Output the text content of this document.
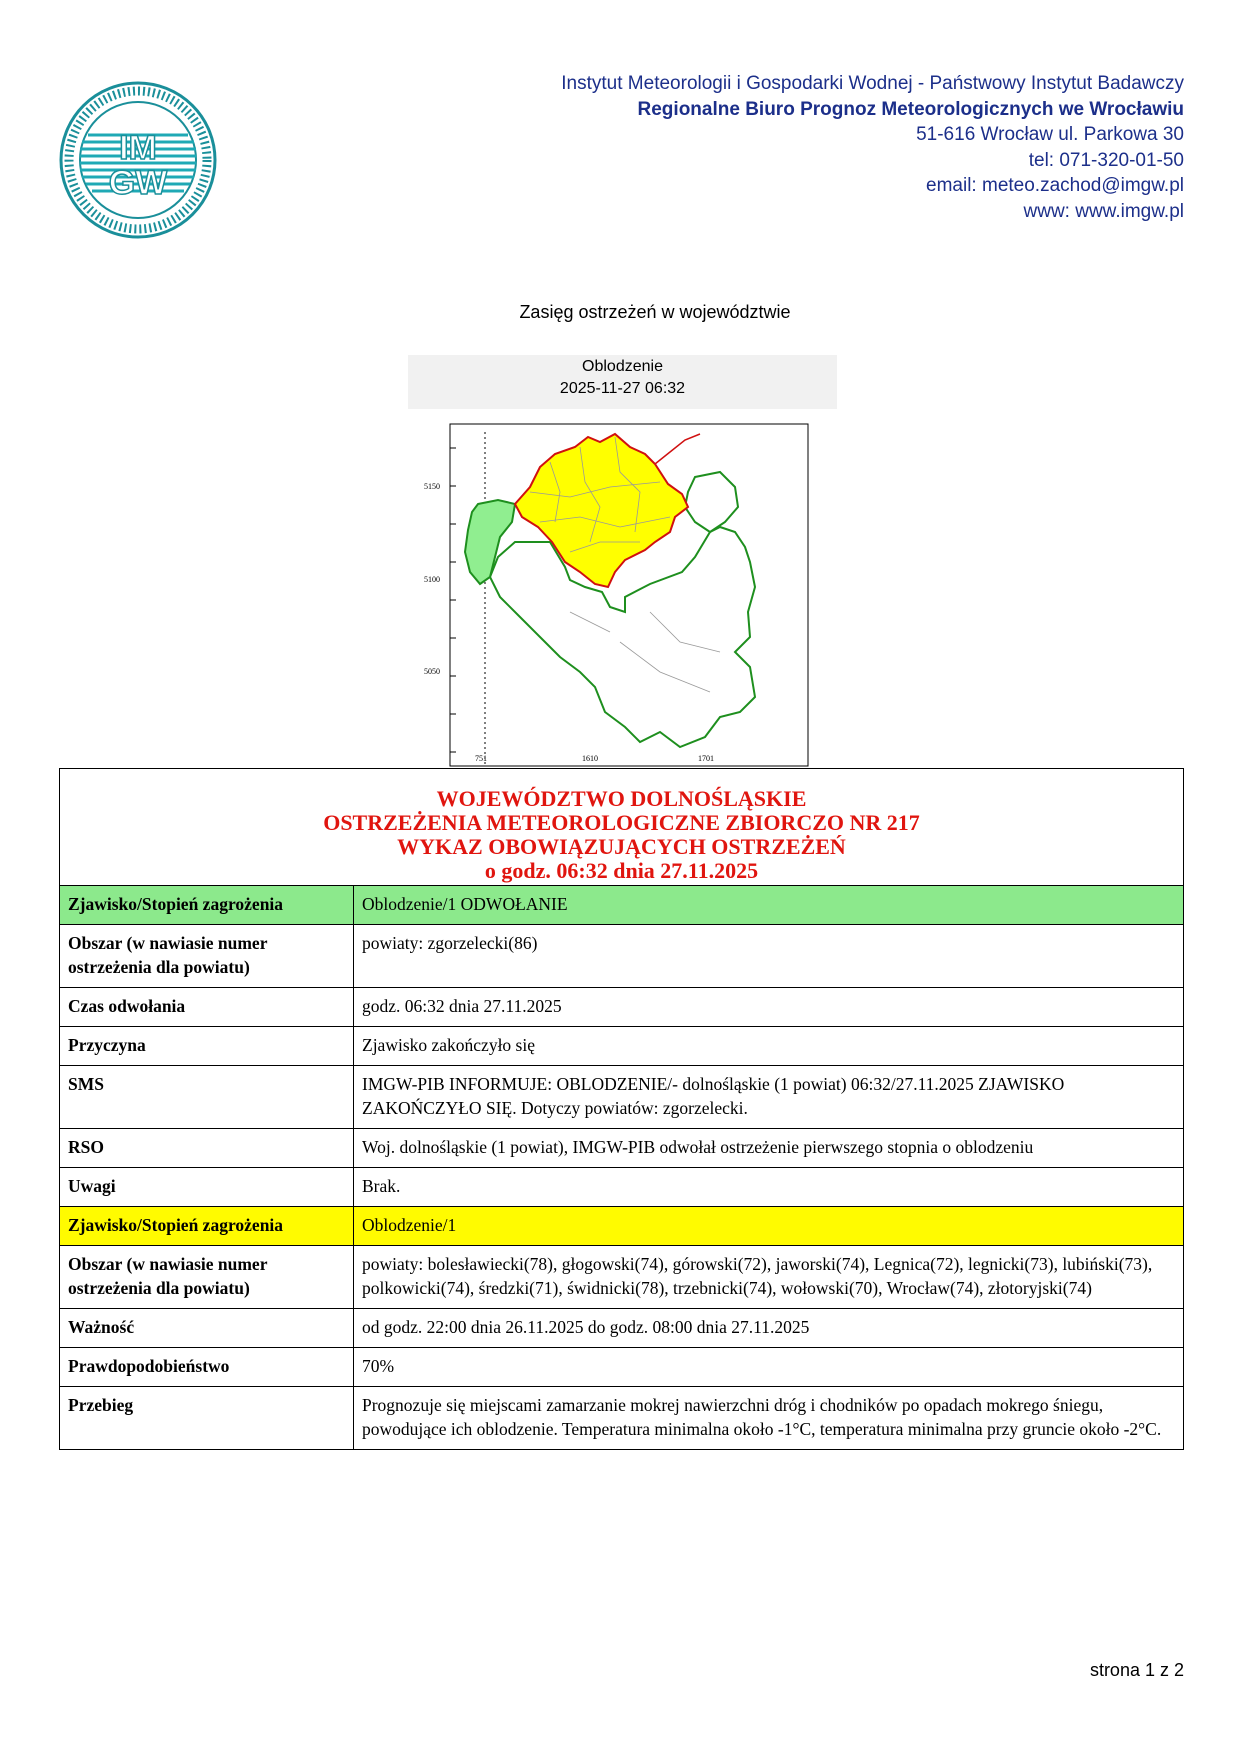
IM
GW
Instytut Meteorologii i Gospodarki Wodnej - Państwowy Instytut Badawczy
Regionalne Biuro Prognoz Meteorologicznych we Wrocławiu
51-616 Wrocław ul. Parkowa 30
tel: 071-320-01-50
email: meteo.zachod@imgw.pl
www: www.imgw.pl
Zasięg ostrzeżeń w województwie
Oblodzenie
2025-11-27 06:32
5150
5100
5050
751	1610	1701
WOJEWÓDZTWO DOLNOŚLĄSKIE
OSTRZEŻENIA METEOROLOGICZNE ZBIORCZO NR 217
WYKAZ OBOWIĄZUJĄCYCH OSTRZEŻEŃ
o godz. 06:32 dnia 27.11.2025	

Zjawisko/Stopień zagrożenia	Oblodzenie/1 ODWOŁANIE
Obszar (w nawiasie numer ostrzeżenia dla powiatu)	powiaty: zgorzelecki(86)
Czas odwołania	godz. 06:32 dnia 27.11.2025
Przyczyna	Zjawisko zakończyło się
SMS	IMGW-PIB INFORMUJE: OBLODZENIE/- dolnośląskie (1 powiat) 06:32/27.11.2025 ZJAWISKO ZAKOŃCZYŁO SIĘ. Dotyczy powiatów: zgorzelecki.
RSO	Woj. dolnośląskie (1 powiat), IMGW-PIB odwołał ostrzeżenie pierwszego stopnia o oblodzeniu
Uwagi	Brak.
Zjawisko/Stopień zagrożenia	Oblodzenie/1
Obszar (w nawiasie numer ostrzeżenia dla powiatu)	powiaty: bolesławiecki(78), głogowski(74), górowski(72), jaworski(74), Legnica(72), legnicki(73), lubiński(73), polkowicki(74), średzki(71), świdnicki(78), trzebnicki(74), wołowski(70), Wrocław(74), złotoryjski(74)
Ważność	od godz. 22:00 dnia 26.11.2025 do godz. 08:00 dnia 27.11.2025
Prawdopodobieństwo	70%
Przebieg	Prognozuje się miejscami zamarzanie mokrej nawierzchni dróg i chodników po opadach mokrego śniegu, powodujące ich oblodzenie. Temperatura minimalna około -1°C, temperatura minimalna przy gruncie około -2°C.
strona 1 z 2
